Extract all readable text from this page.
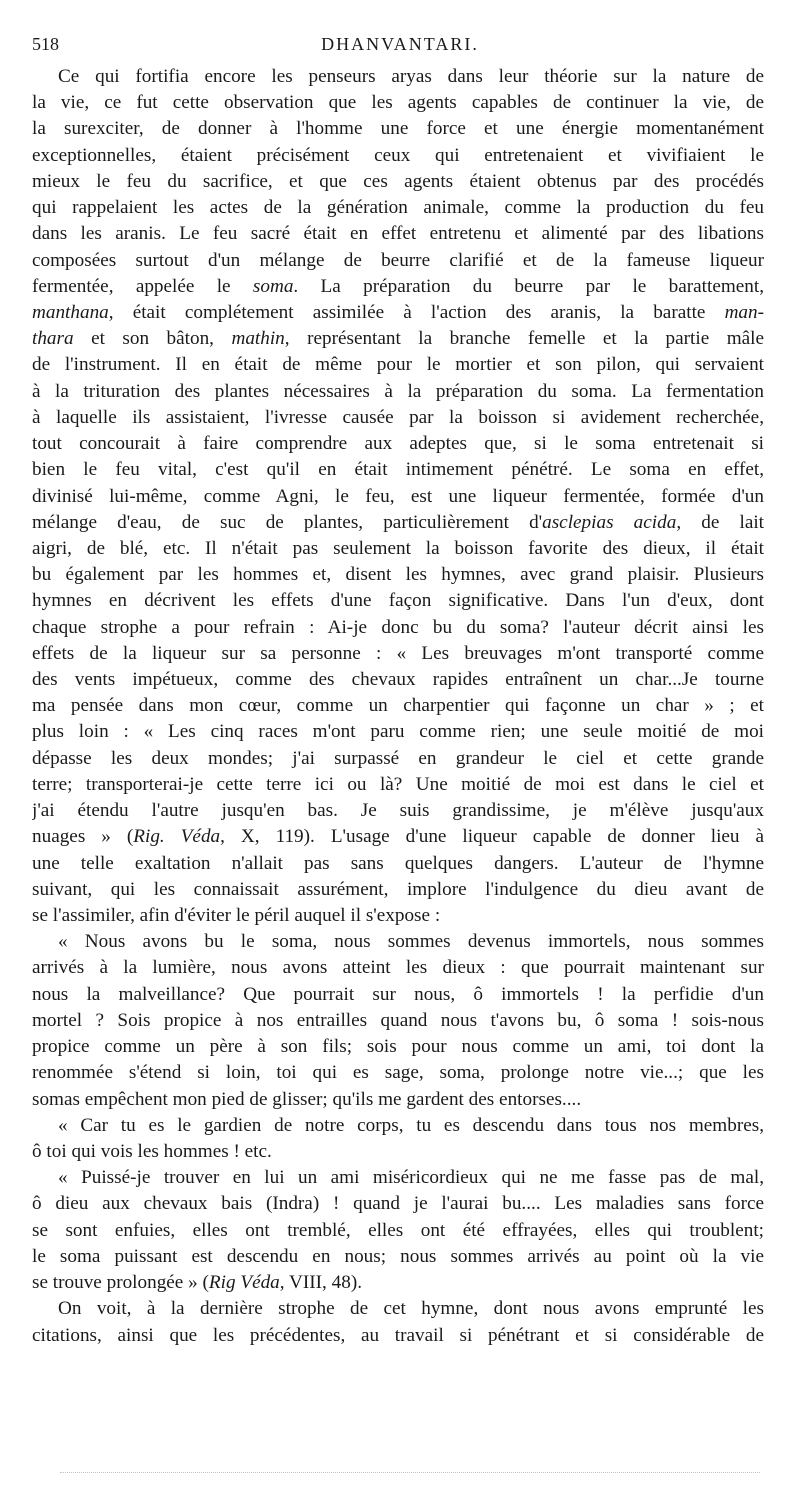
518	DHANVANTARI.
Ce qui fortifia encore les penseurs aryas dans leur théorie sur la nature de
la vie, ce fut cette observation que les agents capables de continuer la vie, de
la surexciter, de donner à l'homme une force et une énergie momentanément
exceptionnelles, étaient précisément ceux qui entretenaient et vivifiaient le
mieux le feu du sacrifice, et que ces agents étaient obtenus par des procédés
qui rappelaient les actes de la génération animale, comme la production du feu
dans les aranis. Le feu sacré était en effet entretenu et alimenté par des libations
composées surtout d'un mélange de beurre clarifié et de la fameuse liqueur
fermentée, appelée le soma. La préparation du beurre par le barattement,
manthana, était complétement assimilée à l'action des aranis, la baratte man-
thara et son bâton, mathin, représentant la branche femelle et la partie mâle
de l'instrument. Il en était de même pour le mortier et son pilon, qui servaient
à la trituration des plantes nécessaires à la préparation du soma. La fermentation
à laquelle ils assistaient, l'ivresse causée par la boisson si avidement recherchée,
tout concourait à faire comprendre aux adeptes que, si le soma entretenait si
bien le feu vital, c'est qu'il en était intimement pénétré. Le soma en effet,
divinisé lui-même, comme Agni, le feu, est une liqueur fermentée, formée d'un
mélange d'eau, de suc de plantes, particulièrement d'asclepias acida, de lait
aigri, de blé, etc. Il n'était pas seulement la boisson favorite des dieux, il était
bu également par les hommes et, disent les hymnes, avec grand plaisir. Plusieurs
hymnes en décrivent les effets d'une façon significative. Dans l'un d'eux, dont
chaque strophe a pour refrain : Ai-je donc bu du soma? l'auteur décrit ainsi les
effets de la liqueur sur sa personne : « Les breuvages m'ont transporté comme
des vents impétueux, comme des chevaux rapides entraînent un char...Je tourne
ma pensée dans mon cœur, comme un charpentier qui façonne un char » ; et
plus loin : « Les cinq races m'ont paru comme rien; une seule moitié de moi
dépasse les deux mondes; j'ai surpassé en grandeur le ciel et cette grande
terre; transporterai-je cette terre ici ou là? Une moitié de moi est dans le ciel et
j'ai étendu l'autre jusqu'en bas. Je suis grandissime, je m'élève jusqu'aux
nuages » (Rig. Véda, X, 119). L'usage d'une liqueur capable de donner lieu à
une telle exaltation n'allait pas sans quelques dangers. L'auteur de l'hymne
suivant, qui les connaissait assurément, implore l'indulgence du dieu avant de
se l'assimiler, afin d'éviter le péril auquel il s'expose :
« Nous avons bu le soma, nous sommes devenus immortels, nous sommes
arrivés à la lumière, nous avons atteint les dieux : que pourrait maintenant sur
nous la malveillance? Que pourrait sur nous, ô immortels ! la perfidie d'un
mortel ? Sois propice à nos entrailles quand nous t'avons bu, ô soma ! sois-nous
propice comme un père à son fils; sois pour nous comme un ami, toi dont la
renommée s'étend si loin, toi qui es sage, soma, prolonge notre vie...; que les
somas empêchent mon pied de glisser; qu'ils me gardent des entorses....
« Car tu es le gardien de notre corps, tu es descendu dans tous nos membres,
ô toi qui vois les hommes ! etc.
« Puissé-je trouver en lui un ami miséricordieux qui ne me fasse pas de mal,
ô dieu aux chevaux bais (Indra) ! quand je l'aurai bu.... Les maladies sans force
se sont enfuies, elles ont tremblé, elles ont été effrayées, elles qui troublent;
le soma puissant est descendu en nous; nous sommes arrivés au point où la vie
se trouve prolongée » (Rig Véda, VIII, 48).
On voit, à la dernière strophe de cet hymne, dont nous avons emprunté les
citations, ainsi que les précédentes, au travail si pénétrant et si considérable de
